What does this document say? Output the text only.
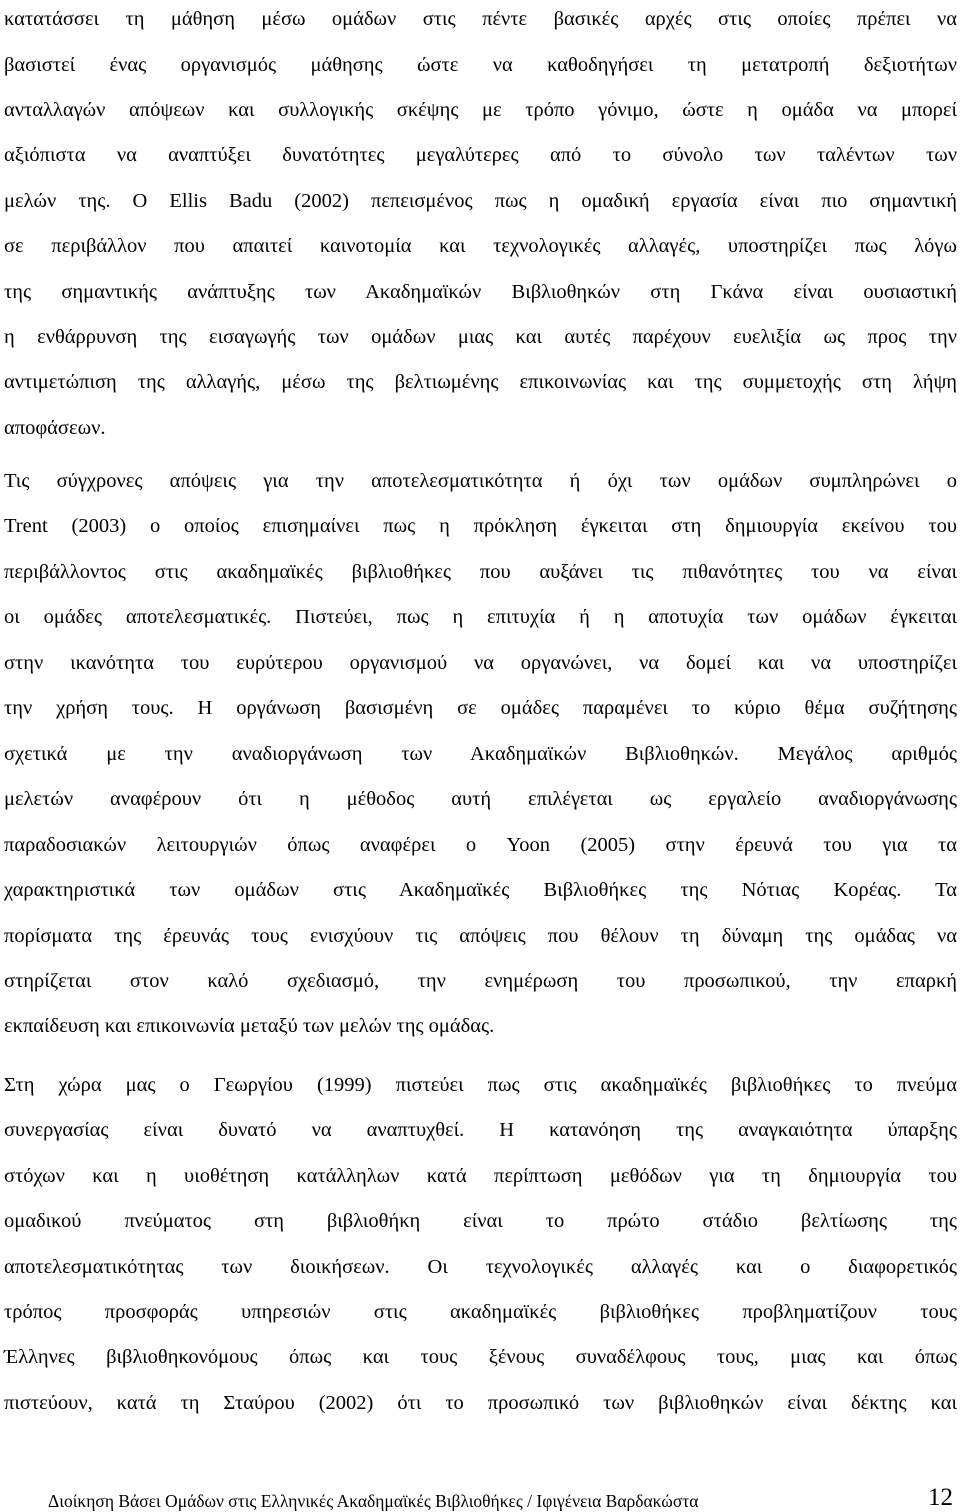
κατατάσσει τη μάθηση μέσω ομάδων στις πέντε βασικές αρχές στις οποίες πρέπει να
βασιστεί ένας οργανισμός μάθησης ώστε να καθοδηγήσει τη μετατροπή δεξιοτήτων
ανταλλαγών απόψεων και συλλογικής σκέψης με τρόπο γόνιμο, ώστε η ομάδα να μπορεί
αξιόπιστα να αναπτύξει δυνατότητες μεγαλύτερες από το σύνολο των ταλέντων των
μελών της. Ο Ellis Badu (2002) πεπεισμένος πως η ομαδική εργασία είναι πιο σημαντική
σε περιβάλλον που απαιτεί καινοτομία και τεχνολογικές αλλαγές, υποστηρίζει πως λόγω
της σημαντικής ανάπτυξης των Ακαδημαϊκών Βιβλιοθηκών στη Γκάνα είναι ουσιαστική
η ενθάρρυνση της εισαγωγής των ομάδων μιας και αυτές παρέχουν ευελιξία ως προς την
αντιμετώπιση της αλλαγής, μέσω της βελτιωμένης επικοινωνίας και της συμμετοχής στη λήψη
αποφάσεων.
Τις σύγχρονες απόψεις για την αποτελεσματικότητα ή όχι των ομάδων συμπληρώνει ο
Trent (2003) ο οποίος επισημαίνει πως η πρόκληση έγκειται στη δημιουργία εκείνου του
περιβάλλοντος στις ακαδημαϊκές βιβλιοθήκες που αυξάνει τις πιθανότητες του να είναι
οι ομάδες αποτελεσματικές. Πιστεύει, πως η επιτυχία ή η αποτυχία των ομάδων έγκειται
στην ικανότητα του ευρύτερου οργανισμού να οργανώνει, να δομεί και να υποστηρίζει
την χρήση τους. Η οργάνωση βασισμένη σε ομάδες παραμένει το κύριο θέμα συζήτησης
σχετικά με την αναδιοργάνωση των Ακαδημαϊκών Βιβλιοθηκών. Μεγάλος αριθμός
μελετών αναφέρουν ότι η μέθοδος αυτή επιλέγεται ως εργαλείο αναδιοργάνωσης
παραδοσιακών λειτουργιών όπως αναφέρει ο Yoon (2005) στην έρευνά του για τα
χαρακτηριστικά των ομάδων στις Ακαδημαϊκές Βιβλιοθήκες της Νότιας Κορέας. Τα
πορίσματα της έρευνάς τους ενισχύουν τις απόψεις που θέλουν τη δύναμη της ομάδας να
στηρίζεται στον καλό σχεδιασμό, την ενημέρωση του προσωπικού, την επαρκή
εκπαίδευση και επικοινωνία μεταξύ των μελών της ομάδας.
Στη χώρα μας ο Γεωργίου (1999) πιστεύει πως στις ακαδημαϊκές βιβλιοθήκες το πνεύμα
συνεργασίας είναι δυνατό να αναπτυχθεί. Η κατανόηση της αναγκαιότητα ύπαρξης
στόχων και η υιοθέτηση κατάλληλων κατά περίπτωση μεθόδων για τη δημιουργία του
ομαδικού πνεύματος στη βιβλιοθήκη είναι το πρώτο στάδιο βελτίωσης της
αποτελεσματικότητας των διοικήσεων. Οι τεχνολογικές αλλαγές και ο διαφορετικός
τρόπος προσφοράς υπηρεσιών στις ακαδημαϊκές βιβλιοθήκες προβληματίζουν τους
Έλληνες βιβλιοθηκονόμους όπως και τους ξένους συναδέλφους τους, μιας και όπως
πιστεύουν, κατά τη Σταύρου (2002) ότι το προσωπικό των βιβλιοθηκών είναι δέκτης και
Διοίκηση Βάσει Ομάδων στις Ελληνικές Ακαδημαϊκές Βιβλιοθήκες / Ιφιγένεια Βαρδακώστα	12
